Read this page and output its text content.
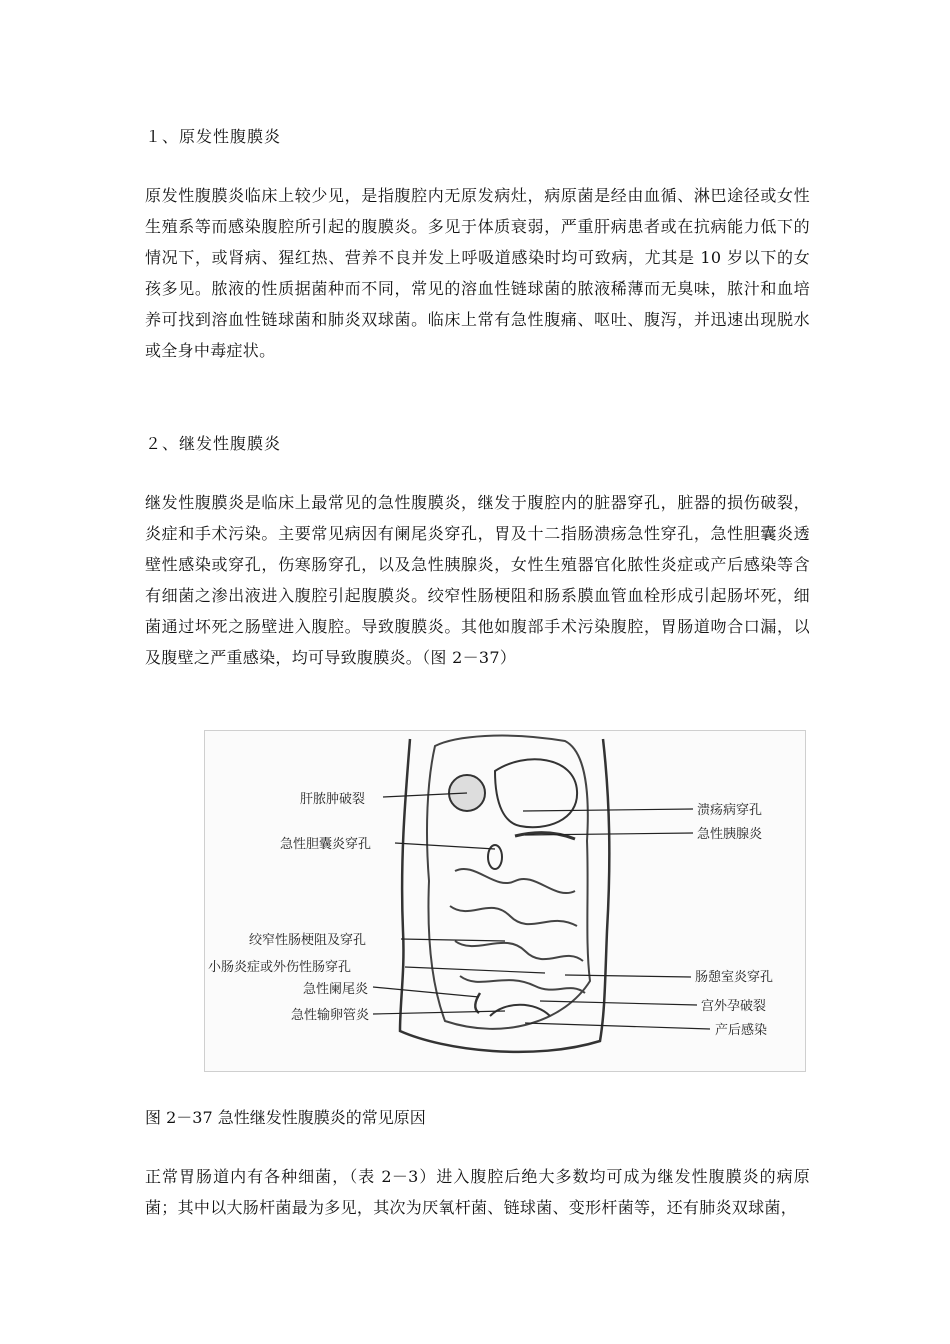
１、原发性腹膜炎
原发性腹膜炎临床上较少见，是指腹腔内无原发病灶，病原菌是经由血循、淋巴途径或女性生殖系等而感染腹腔所引起的腹膜炎。多见于体质衰弱，严重肝病患者或在抗病能力低下的情况下，或肾病、猩红热、营养不良并发上呼吸道感染时均可致病，尤其是 10 岁以下的女孩多见。脓液的性质据菌种而不同，常见的溶血性链球菌的脓液稀薄而无臭味，脓汁和血培养可找到溶血性链球菌和肺炎双球菌。临床上常有急性腹痛、呕吐、腹泻，并迅速出现脱水或全身中毒症状。
２、继发性腹膜炎
继发性腹膜炎是临床上最常见的急性腹膜炎，继发于腹腔内的脏器穿孔，脏器的损伤破裂，炎症和手术污染。主要常见病因有阑尾炎穿孔，胃及十二指肠溃疡急性穿孔，急性胆囊炎透壁性感染或穿孔，伤寒肠穿孔，以及急性胰腺炎，女性生殖器官化脓性炎症或产后感染等含有细菌之渗出液进入腹腔引起腹膜炎。绞窄性肠梗阻和肠系膜血管血栓形成引起肠坏死，细菌通过坏死之肠壁进入腹腔。导致腹膜炎。其他如腹部手术污染腹腔，胃肠道吻合口漏，以及腹壁之严重感染，均可导致腹膜炎。（图 2－37）
肝脓肿破裂
急性胆囊炎穿孔
绞窄性肠梗阻及穿孔
小肠炎症或外伤性肠穿孔
急性阑尾炎
急性输卵管炎
溃疡病穿孔
急性胰腺炎
肠憩室炎穿孔
宫外孕破裂
产后感染
图 2－37 急性继发性腹膜炎的常见原因
正常胃肠道内有各种细菌，（表 2－3）进入腹腔后绝大多数均可成为继发性腹膜炎的病原菌；其中以大肠杆菌最为多见，其次为厌氧杆菌、链球菌、变形杆菌等，还有肺炎双球菌，
